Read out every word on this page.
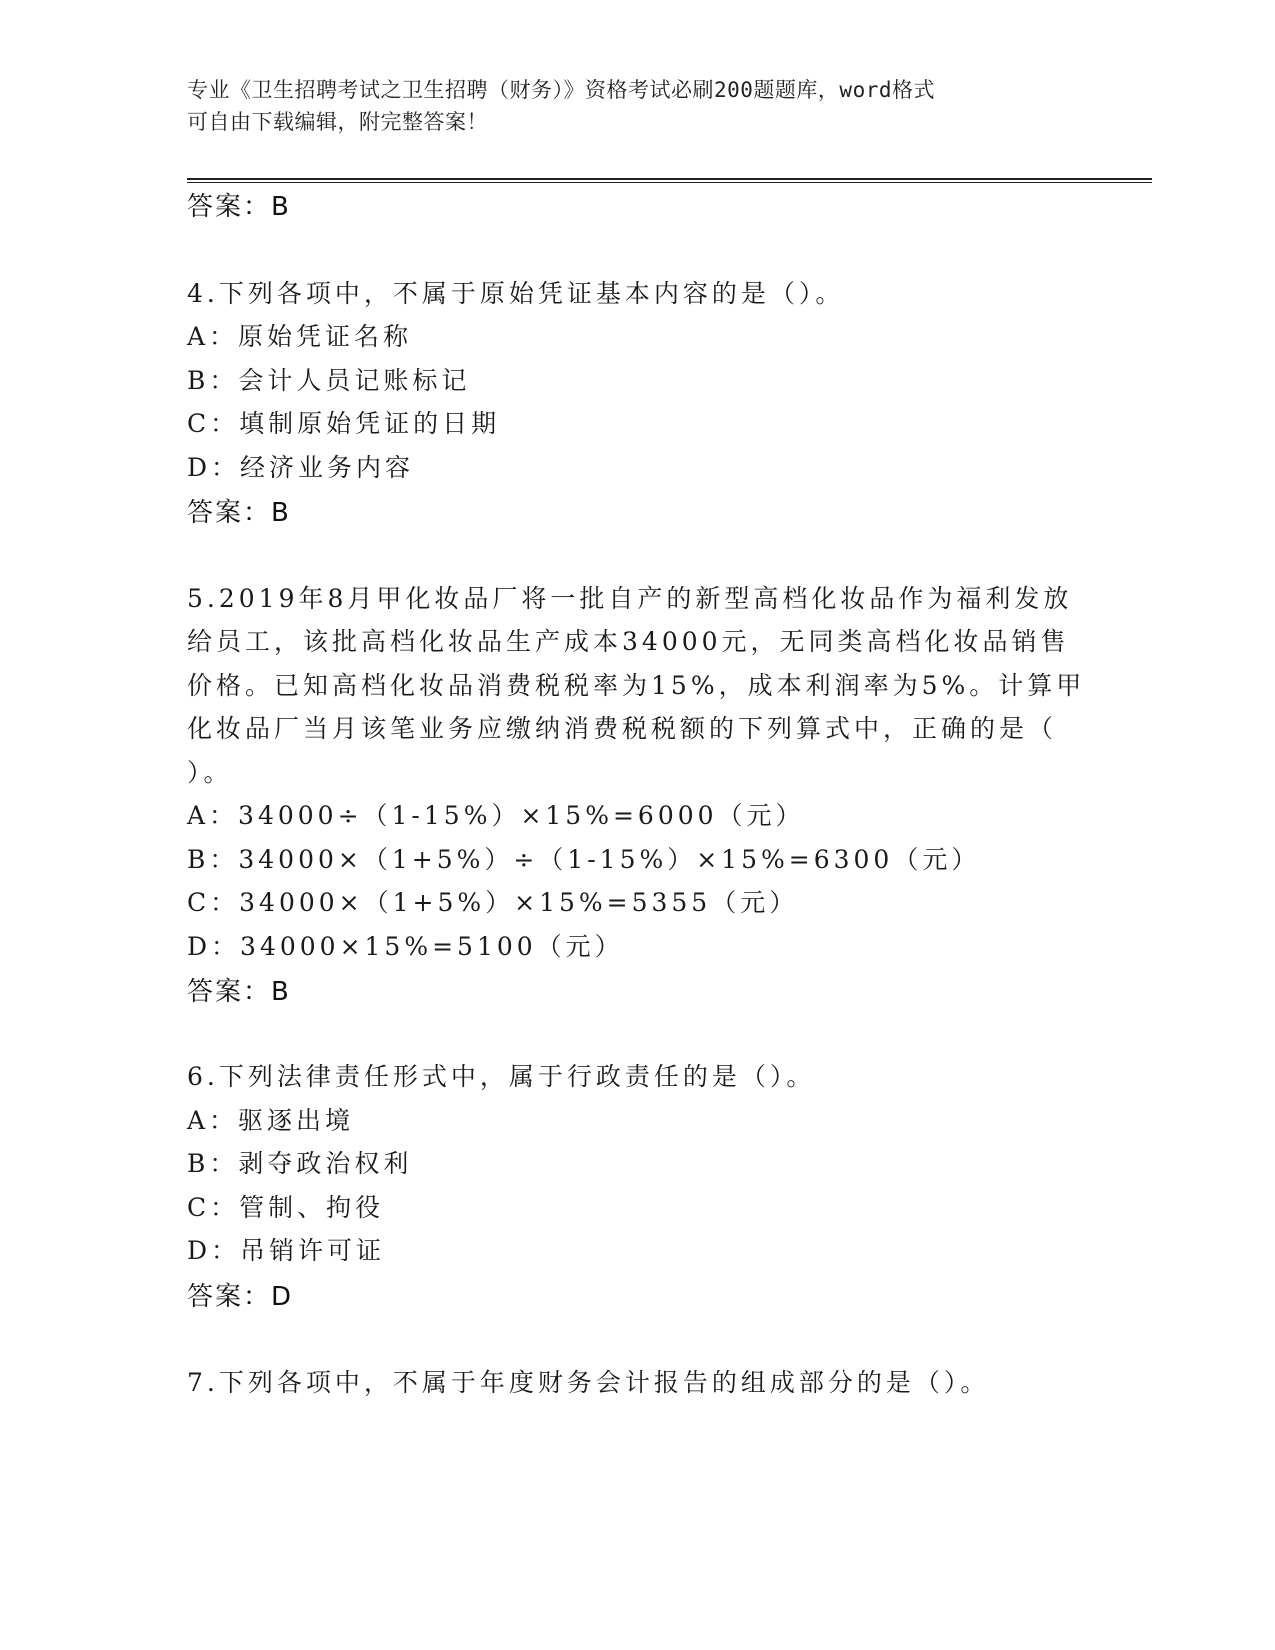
专业《卫生招聘考试之卫生招聘（财务）》资格考试必刷200题题库，word格式
可自由下载编辑，附完整答案！
答案：B
4.下列各项中，不属于原始凭证基本内容的是（）。
A：原始凭证名称
B：会计人员记账标记
C：填制原始凭证的日期
D：经济业务内容
答案：B
5.2019年8月甲化妆品厂将一批自产的新型高档化妆品作为福利发放
给员工，该批高档化妆品生产成本34000元，无同类高档化妆品销售
价格。已知高档化妆品消费税税率为15%，成本利润率为5%。计算甲
化妆品厂当月该笔业务应缴纳消费税税额的下列算式中，正确的是（
）。
A：34000÷（1-15%）×15%=6000（元）
B：34000×（1+5%）÷（1-15%）×15%=6300（元）
C：34000×（1+5%）×15%=5355（元）
D：34000×15%=5100（元）
答案：B
6.下列法律责任形式中，属于行政责任的是（）。
A：驱逐出境
B：剥夺政治权利
C：管制、拘役
D：吊销许可证
答案：D
7.下列各项中，不属于年度财务会计报告的组成部分的是（）。
